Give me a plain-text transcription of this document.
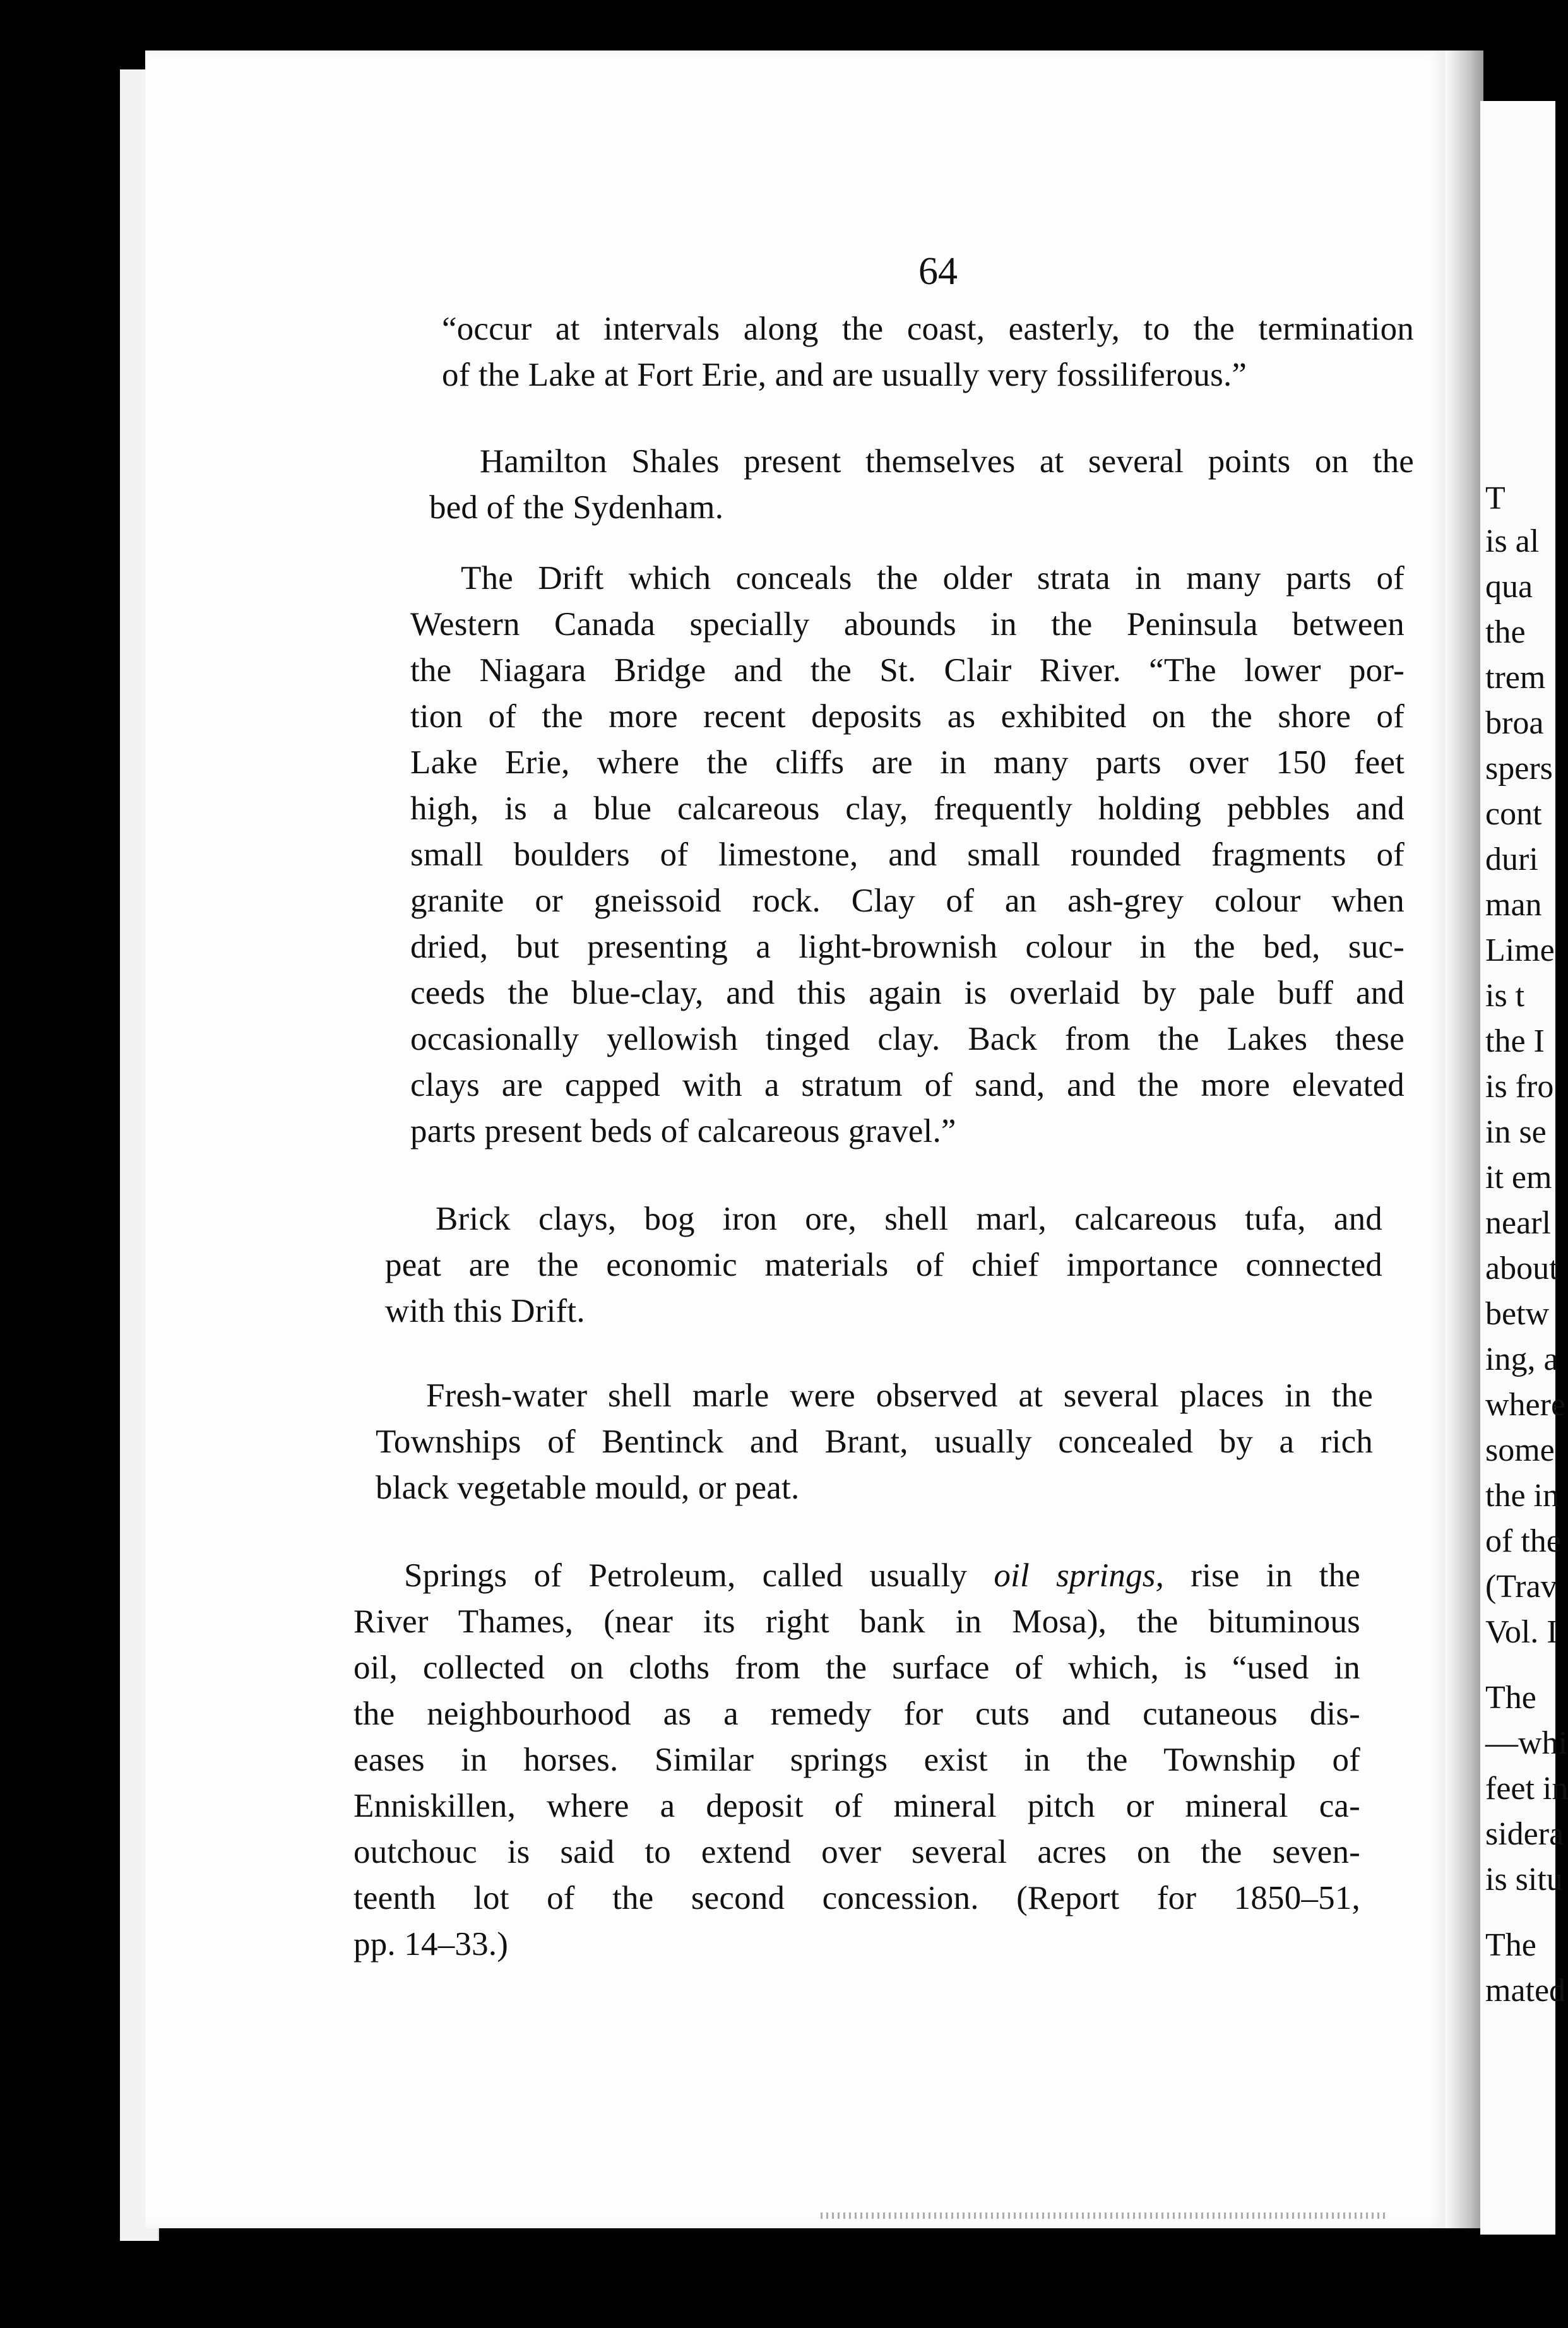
T
is al
qua
the
trem
broa
spers
cont
duri
man
Lime
is t
the I
is fro
in se
it em
nearl
about
betw
ing, a
where
some
the in
of the
(Trav
Vol. I
The
—whi
feet in
sidera
is situ
The
mated
64
“occur at intervals along the coast, easterly, to the termination
of the Lake at Fort Erie, and are usually very fossiliferous.”
Hamilton Shales present themselves at several points on the
bed of the Sydenham.
The Drift which conceals the older strata in many parts of
Western Canada specially abounds in the Peninsula between
the Niagara Bridge and the St. Clair River. “The lower por-
tion of the more recent deposits as exhibited on the shore of
Lake Erie, where the cliffs are in many parts over 150 feet
high, is a blue calcareous clay, frequently holding pebbles and
small boulders of limestone, and small rounded fragments of
granite or gneissoid rock. Clay of an ash-grey colour when
dried, but presenting a light-brownish colour in the bed, suc-
ceeds the blue-clay, and this again is overlaid by pale buff and
occasionally yellowish tinged clay. Back from the Lakes these
clays are capped with a stratum of sand, and the more elevated
parts present beds of calcareous gravel.”
Brick clays, bog iron ore, shell marl, calcareous tufa, and
peat are the economic materials of chief importance connected
with this Drift.
Fresh-water shell marle were observed at several places in the
Townships of Bentinck and Brant, usually concealed by a rich
black vegetable mould, or peat.
Springs of Petroleum, called usually oil springs, rise in the
River Thames, (near its right bank in Mosa), the bituminous
oil, collected on cloths from the surface of which, is “used in
the neighbourhood as a remedy for cuts and cutaneous dis-
eases in horses. Similar springs exist in the Township of
Enniskillen, where a deposit of mineral pitch or mineral ca-
outchouc is said to extend over several acres on the seven-
teenth lot of the second concession. (Report for 1850–51,
pp. 14–33.)
